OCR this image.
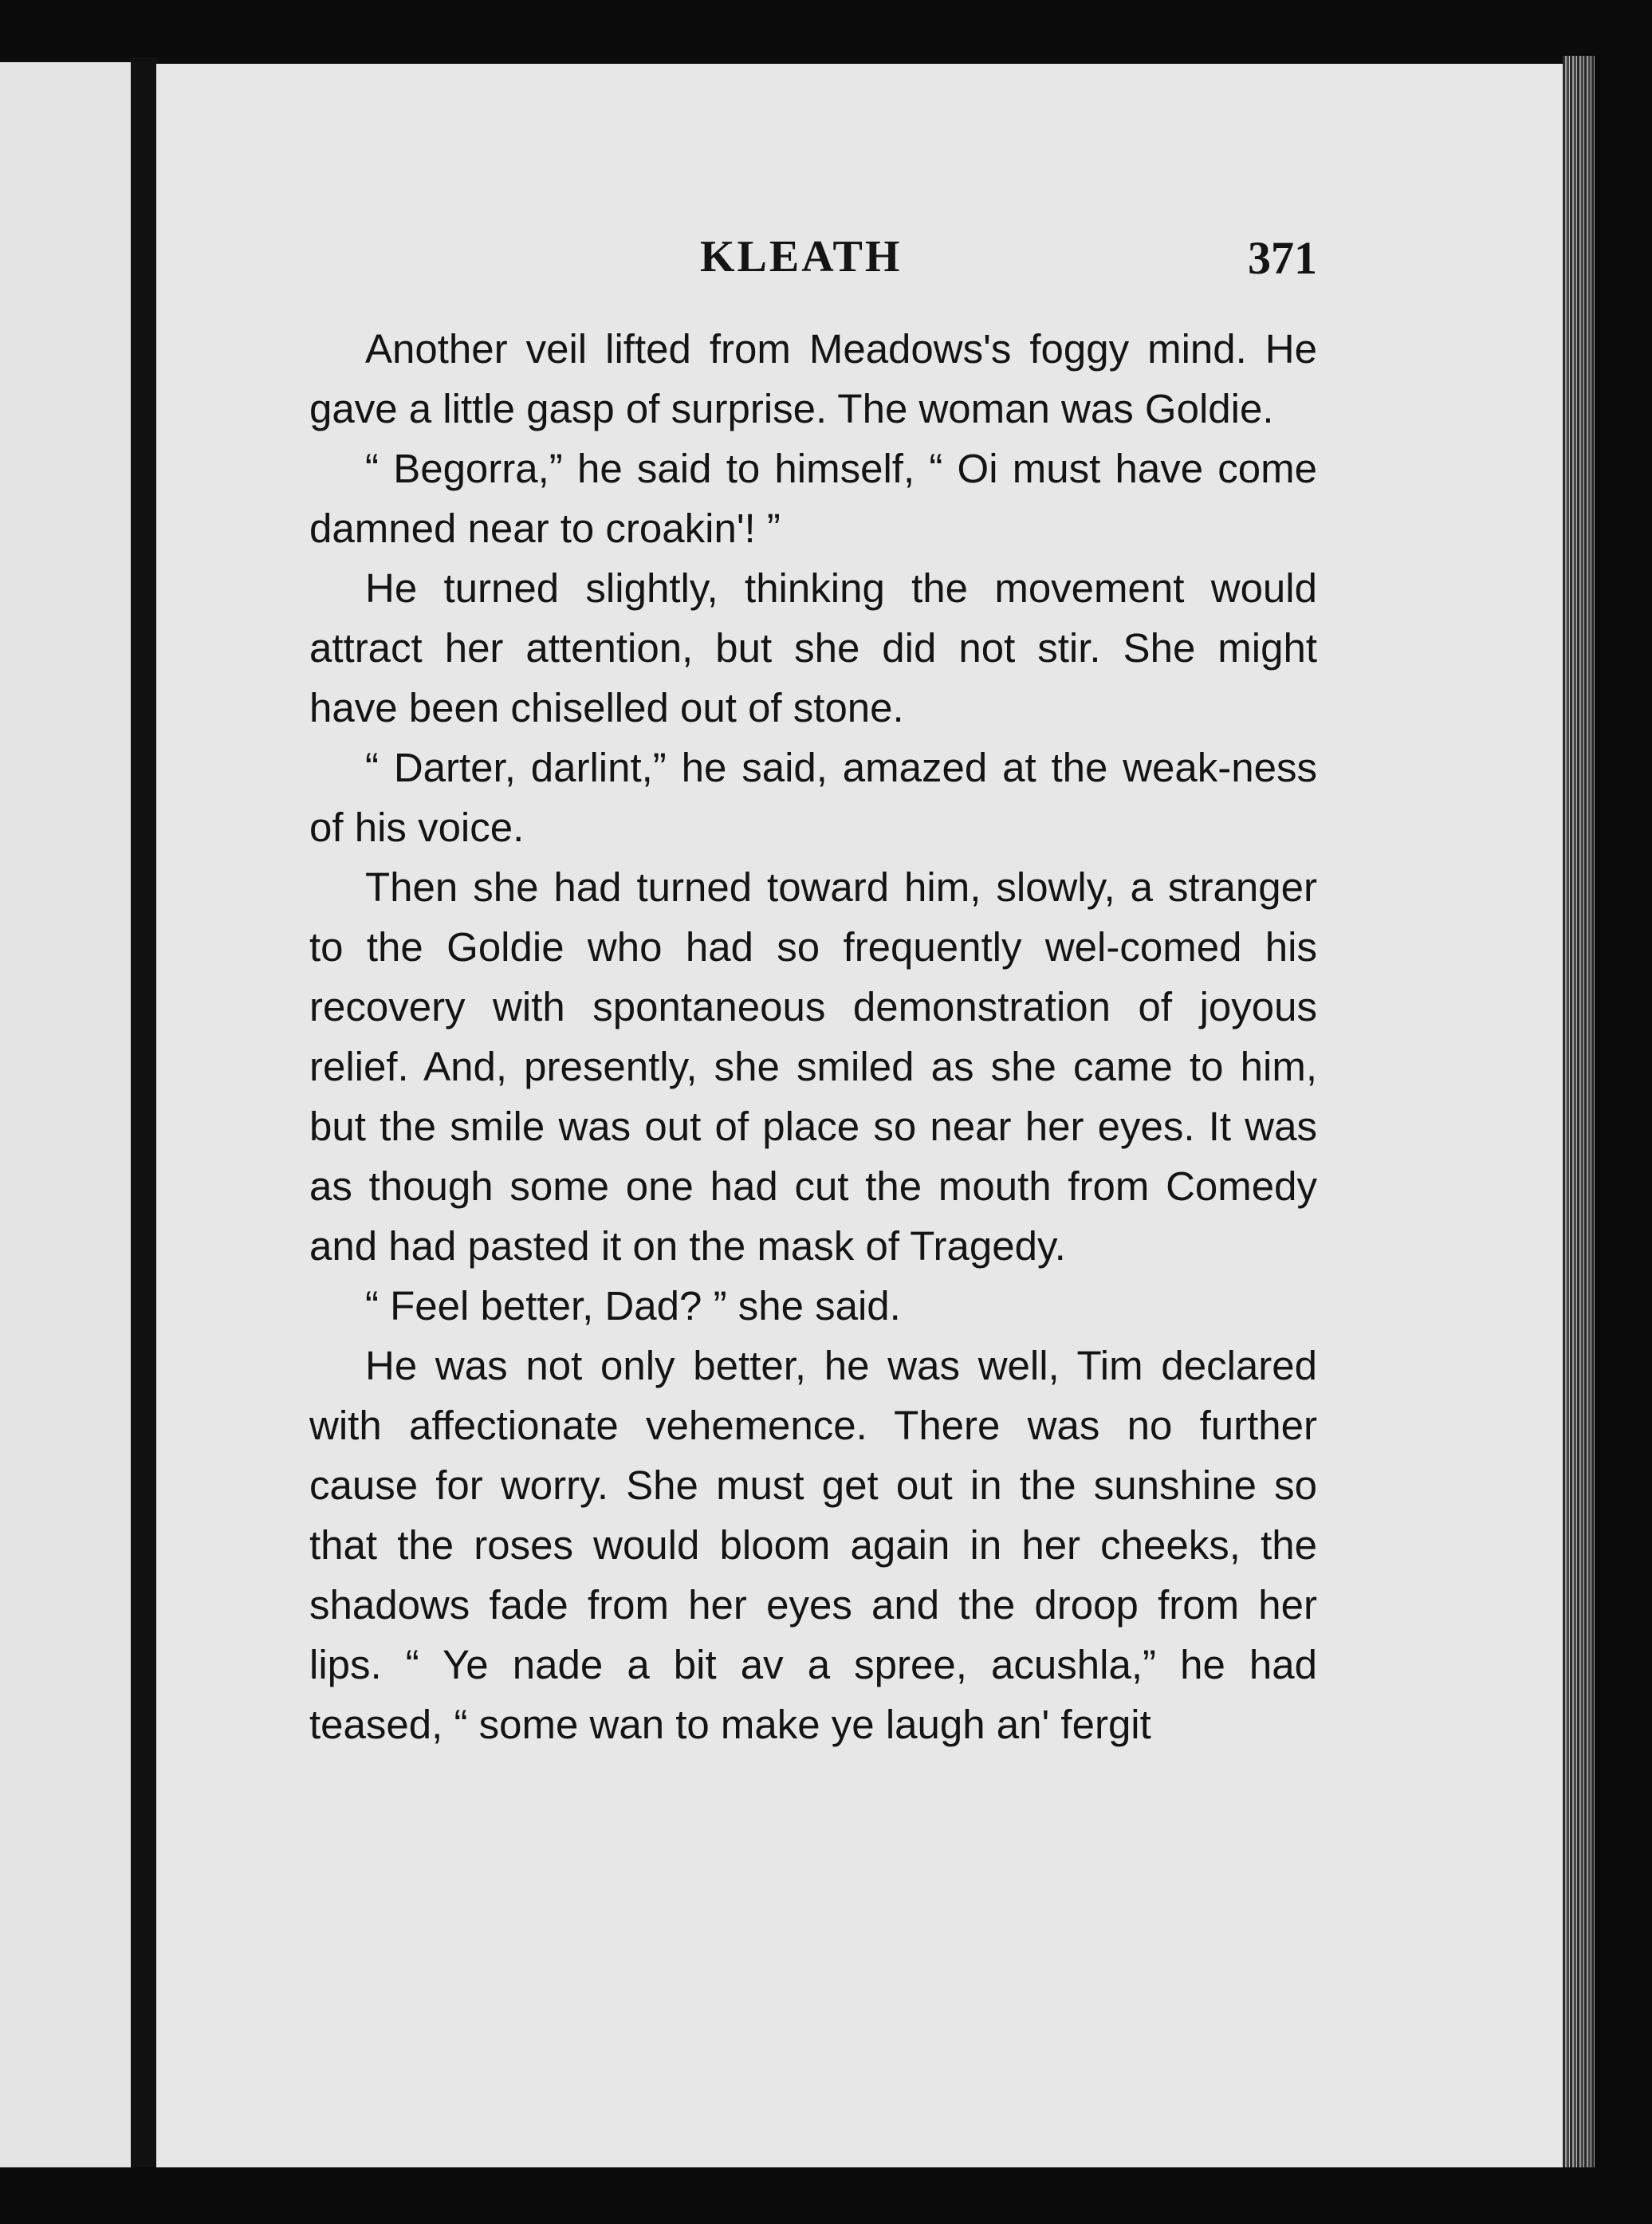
KLEATH	371

Another veil lifted from Meadows's foggy mind. He gave a little gasp of surprise. The woman was Goldie.

“ Begorra,” he said to himself, “ Oi must have come damned near to croakin'! ”

He turned slightly, thinking the movement would attract her attention, but she did not stir. She might have been chiselled out of stone.

“ Darter, darlint,” he said, amazed at the weak-ness of his voice.

Then she had turned toward him, slowly, a stranger to the Goldie who had so frequently wel-comed his recovery with spontaneous demonstration of joyous relief. And, presently, she smiled as she came to him, but the smile was out of place so near her eyes. It was as though some one had cut the mouth from Comedy and had pasted it on the mask of Tragedy.

“ Feel better, Dad? ” she said.

He was not only better, he was well, Tim declared with affectionate vehemence. There was no further cause for worry. She must get out in the sunshine so that the roses would bloom again in her cheeks, the shadows fade from her eyes and the droop from her lips. “ Ye nade a bit av a spree, acushla,” he had teased, “ some wan to make ye laugh an' fergit
